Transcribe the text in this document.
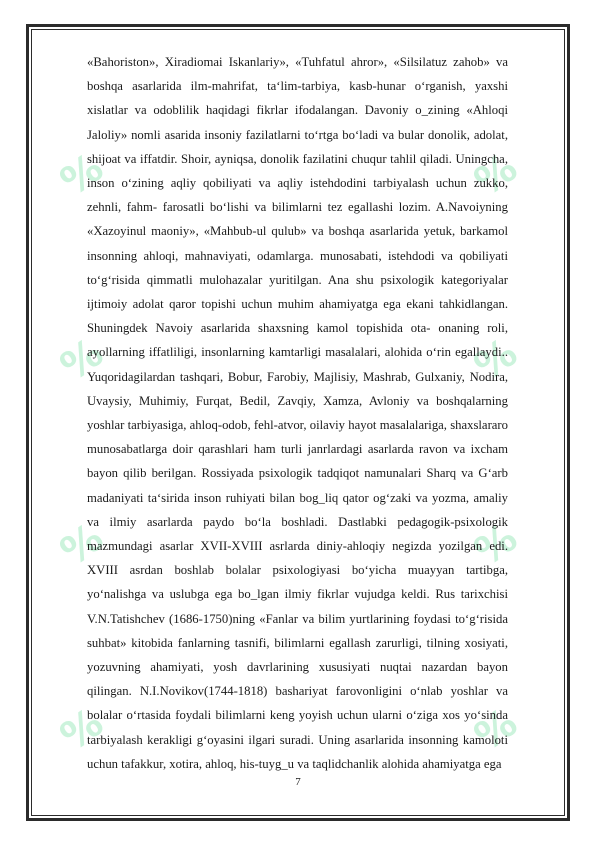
%
%
%
%
%
%
%
%

«Bahoriston», Xiradiomai Iskanlariy», «Tuhfatul ahror», «Silsilatuz zahob» va boshqa asarlarida ilm-mahrifat, taʻlim-tarbiya, kasb-hunar oʻrganish, yaxshi xislatlar va odoblilik haqidagi fikrlar ifodalangan. Davoniy o_zining «Ahloqi Jaloliy» nomli asarida insoniy fazilatlarni toʻrtga boʻladi va bular donolik, adolat, shijoat va iffatdir. Shoir, ayniqsa, donolik fazilatini chuqur tahlil qiladi. Uningcha, inson oʻzining aqliy qobiliyati va aqliy istehdodini tarbiyalash uchun zukko, zehnli, fahm- farosatli boʻlishi va bilimlarni tez egallashi lozim. A.Navoiyning «Xazoyinul maoniy», «Mahbub-ul qulub» va boshqa asarlarida yetuk, barkamol insonning ahloqi, mahnaviyati, odamlarga. munosabati, istehdodi va qobiliyati toʻgʻrisida qimmatli mulohazalar yuritilgan. Ana shu psixologik kategoriyalar ijtimoiy adolat qaror topishi uchun muhim ahamiyatga ega ekani tahkidlangan. Shuningdek Navoiy asarlarida shaxsning kamol topishida ota- onaning roli, ayollarning iffatliligi, insonlarning kamtarligi masalalari, alohida oʻrin egallaydi.. Yuqoridagilardan tashqari, Bobur, Farobiy, Majlisiy, Mashrab, Gulxaniy, Nodira, Uvaysiy, Muhimiy, Furqat, Bedil, Zavqiy, Xamza, Avloniy va boshqalarning yoshlar tarbiyasiga, ahloq-odob, fehl-atvor, oilaviy hayot masalalariga, shaxslararo munosabatlarga doir qarashlari ham turli janrlardagi asarlarda ravon va ixcham bayon qilib berilgan. Rossiyada psixologik tadqiqot namunalari Sharq va Gʻarb madaniyati taʻsirida inson ruhiyati bilan bog_liq qator ogʻzaki va yozma, amaliy va ilmiy asarlarda paydo boʻla boshladi. Dastlabki pedagogik-psixologik mazmundagi asarlar XVII-XVIII asrlarda diniy-ahloqiy negizda yozilgan edi. XVIII asrdan boshlab bolalar psixologiyasi boʻyicha muayyan tartibga, yoʻnalishga va uslubga ega bo_lgan ilmiy fikrlar vujudga keldi. Rus tarixchisi V.N.Tatishchev (1686-1750)ning «Fanlar va bilim yurtlarining foydasi toʻgʻrisida suhbat» kitobida fanlarning tasnifi, bilimlarni egallash zarurligi, tilning xosiyati, yozuvning ahamiyati, yosh davrlarining xususiyati nuqtai nazardan bayon qilingan. N.I.Novikov(1744-1818) bashariyat farovonligini oʻnlab yoshlar va bolalar oʻrtasida foydali bilimlarni keng yoyish uchun ularni oʻziga xos yoʻsinda tarbiyalash kerakligi gʻoyasini ilgari suradi. Uning asarlarida insonning kamoloti uchun tafakkur, xotira, ahloq, his-tuyg_u va taqlidchanlik alohida ahamiyatga ega

7
